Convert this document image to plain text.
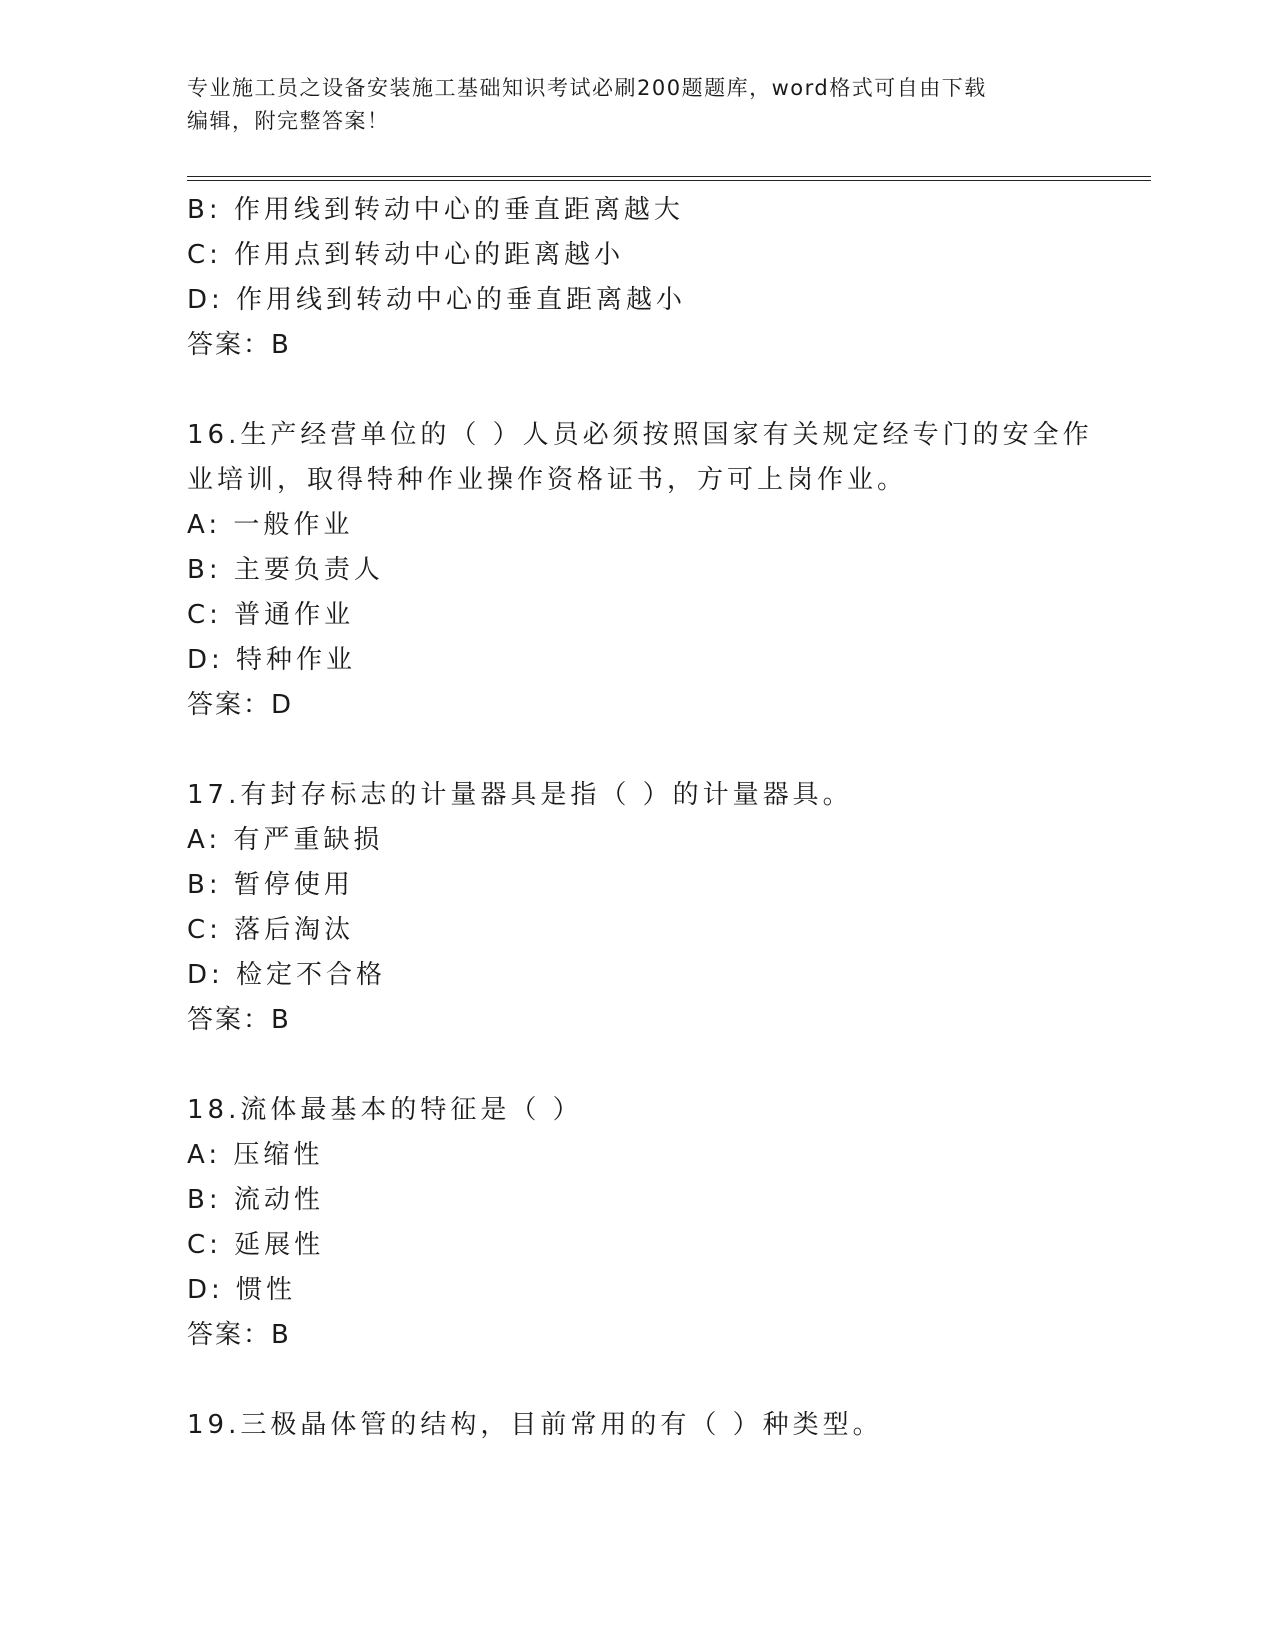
专业施工员之设备安装施工基础知识考试必刷200题题库，word格式可自由下载
编辑，附完整答案！
B: 作用线到转动中心的垂直距离越大
C: 作用点到转动中心的距离越小
D: 作用线到转动中心的垂直距离越小
答案：B
16.生产经营单位的（ ）人员必须按照国家有关规定经专门的安全作
业培训，取得特种作业操作资格证书，方可上岗作业。
A: 一般作业
B: 主要负责人
C: 普通作业
D: 特种作业
答案：D
17.有封存标志的计量器具是指（ ）的计量器具。
A: 有严重缺损
B: 暂停使用
C: 落后淘汰
D: 检定不合格
答案：B
18.流体最基本的特征是（ ）
A: 压缩性
B: 流动性
C: 延展性
D: 惯性
答案：B
19.三极晶体管的结构，目前常用的有（ ）种类型。
